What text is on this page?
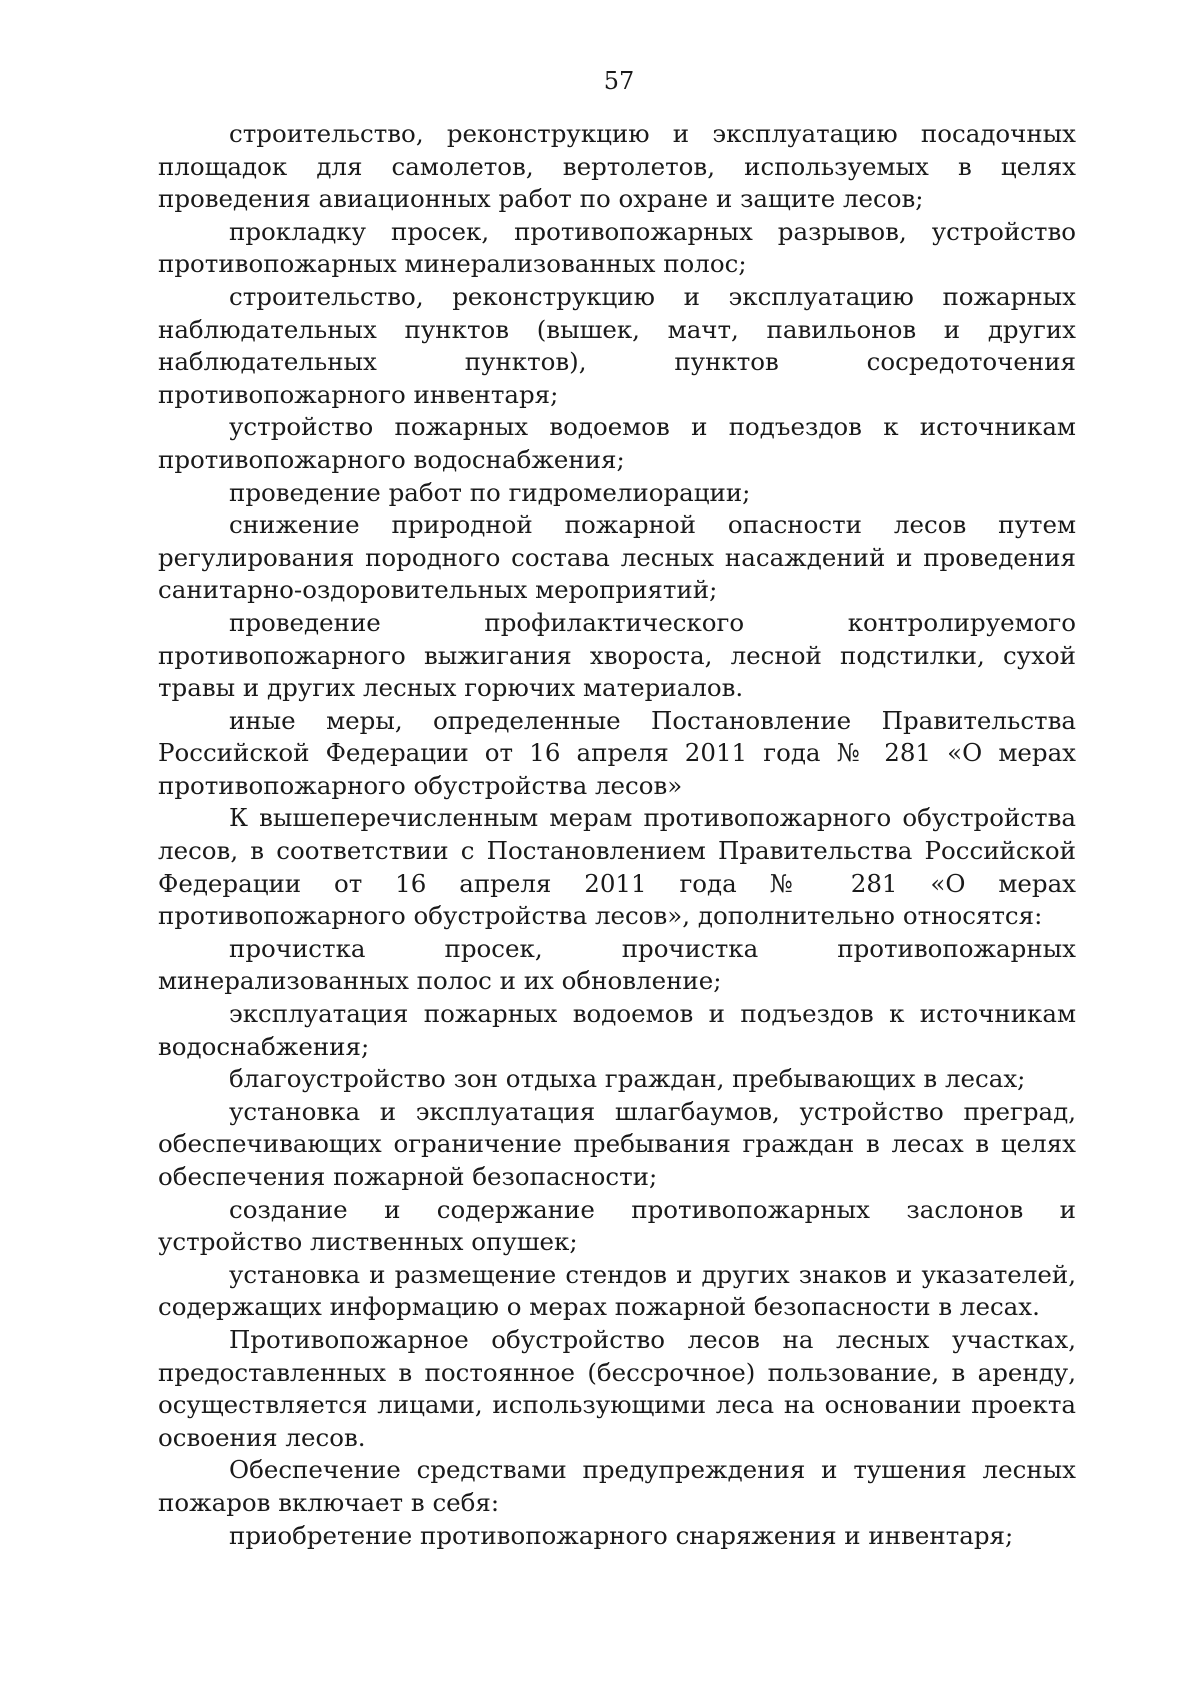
57

строительство, реконструкцию и эксплуатацию посадочных площадок для самолетов, вертолетов, используемых в целях проведения авиационных работ по охране и защите лесов;

прокладку просек, противопожарных разрывов, устройство противопожарных минерализованных полос;

строительство, реконструкцию и эксплуатацию пожарных наблюдательных пунктов (вышек, мачт, павильонов и других наблюдательных пунктов), пунктов сосредоточения противопожарного инвентаря;

устройство пожарных водоемов и подъездов к источникам противопожарного водоснабжения;

проведение работ по гидромелиорации;

снижение природной пожарной опасности лесов путем регулирования породного состава лесных насаждений и проведения санитарно-оздоровительных мероприятий;

проведение профилактического контролируемого противопожарного выжигания хвороста, лесной подстилки, сухой травы и других лесных горючих материалов.

иные меры, определенные Постановление Правительства Российской Федерации от 16 апреля 2011 года № 281 «О мерах противопожарного обустройства лесов»

К вышеперечисленным мерам противопожарного обустройства лесов, в соответствии с Постановлением Правительства Российской Федерации от 16 апреля 2011 года № 281 «О мерах противопожарного обустройства лесов», дополнительно относятся:

прочистка просек, прочистка противопожарных минерализованных полос и их обновление;

эксплуатация пожарных водоемов и подъездов к источникам водоснабжения;

благоустройство зон отдыха граждан, пребывающих в лесах;

установка и эксплуатация шлагбаумов, устройство преград, обеспечивающих ограничение пребывания граждан в лесах в целях обеспечения пожарной безопасности;

создание и содержание противопожарных заслонов и устройство лиственных опушек;

установка и размещение стендов и других знаков и указателей, содержащих информацию о мерах пожарной безопасности в лесах.

Противопожарное обустройство лесов на лесных участках, предоставленных в постоянное (бессрочное) пользование, в аренду, осуществляется лицами, использующими леса на основании проекта освоения лесов.

Обеспечение средствами предупреждения и тушения лесных пожаров включает в себя:

приобретение противопожарного снаряжения и инвентаря;
